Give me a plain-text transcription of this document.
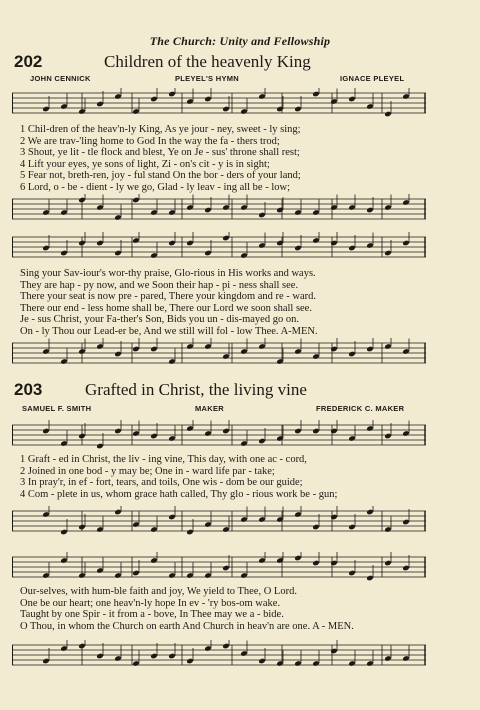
The Church: Unity and Fellowship
202	Children of the heavenly King
JOHN CENNICK	PLEYEL'S HYMN	IGNACE PLEYEL
1 Chil-dren of the heav'n-ly King, As ye jour - ney, sweet - ly sing;
2 We are trav-'ling home to God In the way the fa - thers trod;
3 Shout, ye lit - tle flock and blest, Ye on Je - sus' throne shall rest;
4 Lift your eyes, ye sons of light, Zi - on's cit - y is in sight;
5 Fear not, breth-ren, joy - ful stand On the bor - ders of your land;
6 Lord, o - be - dient - ly we go, Glad - ly leav - ing all be - low;
Sing your Sav-iour's wor-thy praise, Glo-rious in His works and ways.
They are hap - py now, and we Soon their hap - pi - ness shall see.
There your seat is now pre - pared, There your kingdom and re - ward.
There our end - less home shall be, There our Lord we soon shall see.
Je - sus Christ, your Fa-ther's Son, Bids you un - dis-mayed go on.
On - ly Thou our Lead-er be, And we still will fol - low Thee. A-MEN.
203	Grafted in Christ, the living vine
SAMUEL F. SMITH	MAKER	FREDERICK C. MAKER
1 Graft - ed in Christ, the liv - ing vine, This day, with one ac - cord,
2 Joined in one bod - y may be; One in - ward life par - take;
3 In pray'r, in ef - fort, tears, and toils, One wis - dom be our guide;
4 Com - plete in us, whom grace hath called, Thy glo - rious work be - gun;
Our-selves, with hum-ble faith and joy, We yield to Thee, O Lord.
One be our heart; one heav'n-ly hope In ev - 'ry bos-om wake.
Taught by one Spir - it from a - bove, In Thee may we a - bide.
O Thou, in whom the Church on earth And Church in heav'n are one. A - MEN.
